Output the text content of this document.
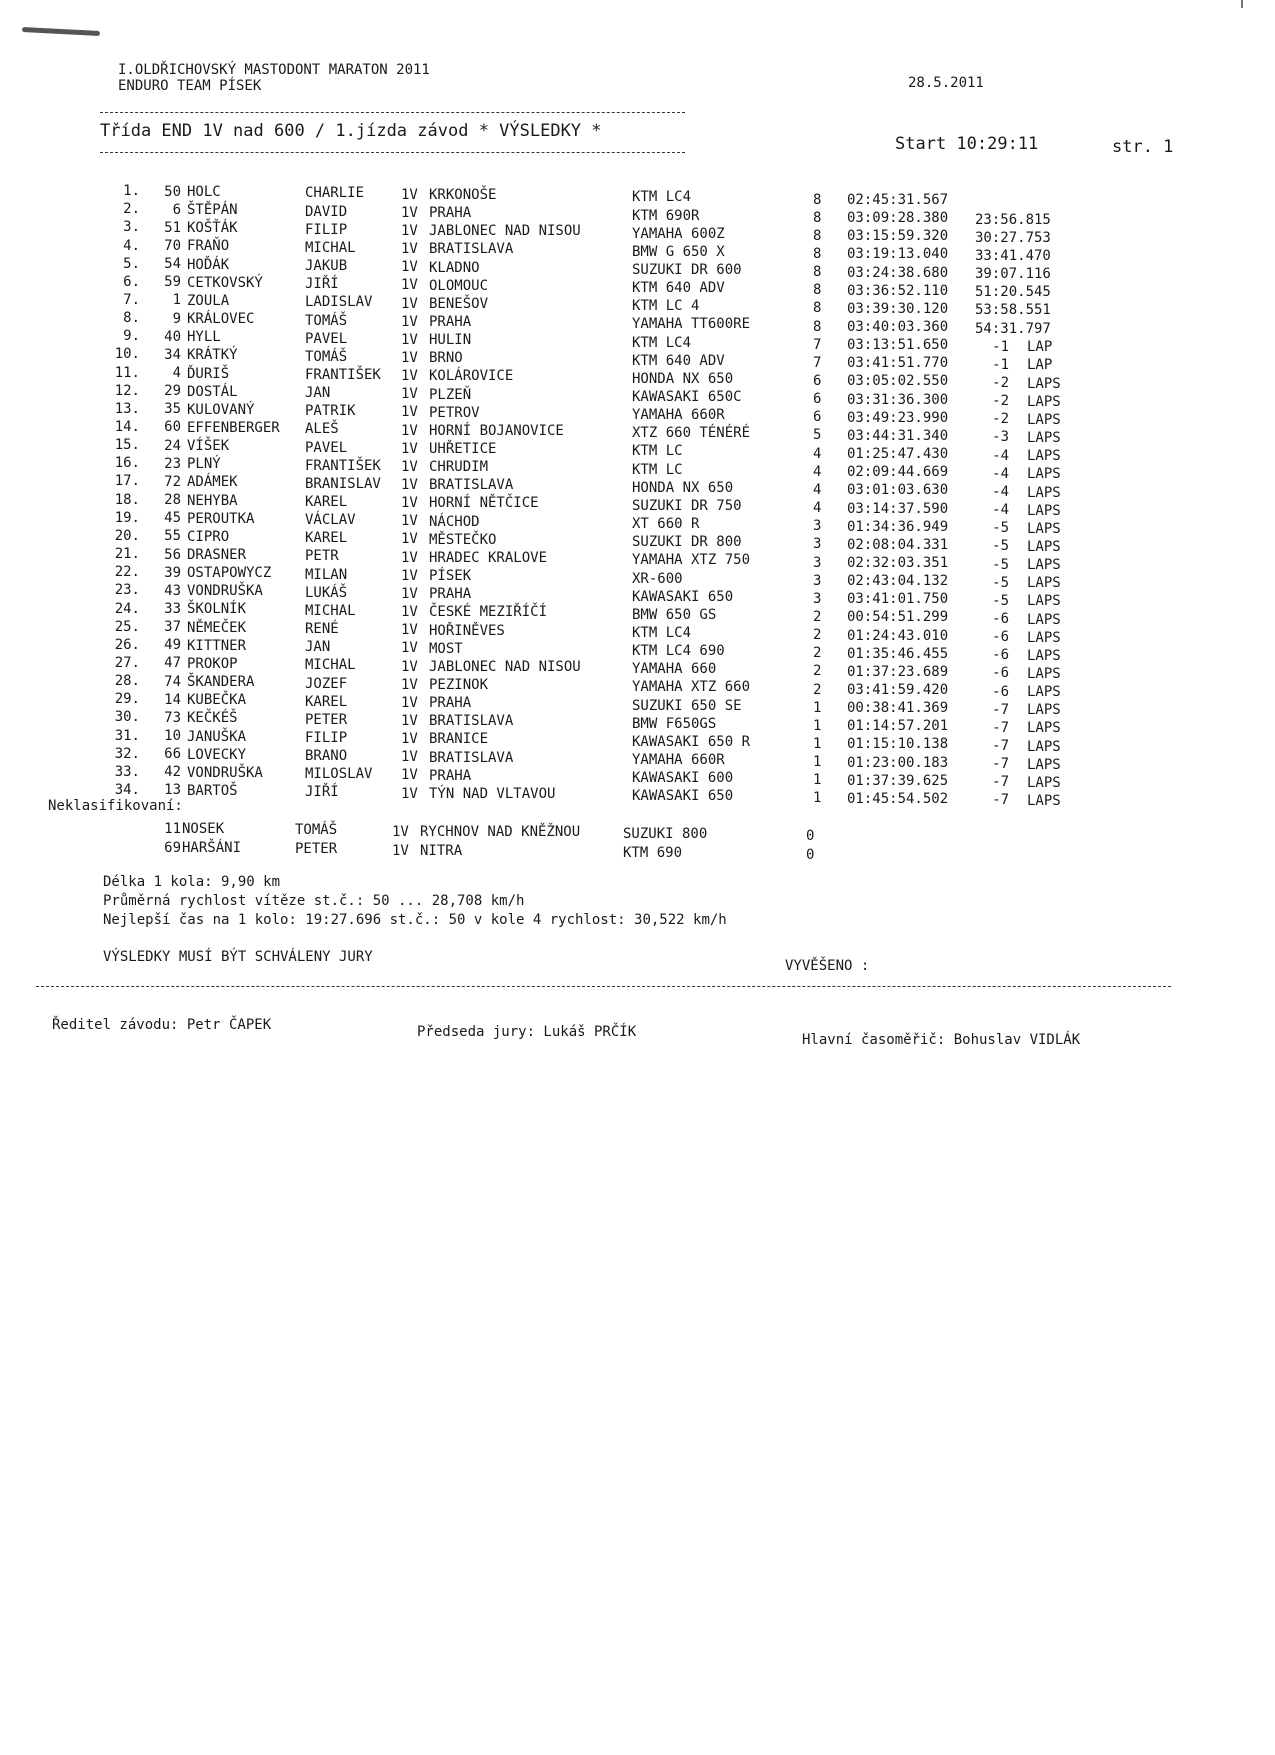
I.OLDŘICHOVSKÝ MASTODONT MARATON 2011
ENDURO TEAM PÍSEK	28.5.2011
Třída END 1V nad 600 / 1.jízda závod * VÝSLEDKY *
Start 10:29:11	str. 1
1.	50 HOLC	CHARLIE	1V KRKONOŠE	KTM LC4	8 02:45:31.567
2.	6 ŠTĚPÁN	DAVID	1V PRAHA	KTM 690R	8 03:09:28.380 23:56.815
3.	51 KOŠŤÁK	FILIP	1V JABLONEC NAD NISOU	YAMAHA 600Z	8 03:15:59.320 30:27.753
4.	70 FRAŇO	MICHAL	1V BRATISLAVA	BMW G 650 X	8 03:19:13.040 33:41.470
5.	54 HOĎÁK	JAKUB	1V KLADNO	SUZUKI DR 600	8 03:24:38.680 39:07.116
6.	59 CETKOVSKÝ	JIŘÍ	1V OLOMOUC	KTM 640 ADV	8 03:36:52.110 51:20.545
7.	1 ZOULA	LADISLAV 1V BENEŠOV	KTM LC 4	8 03:39:30.120 53:58.551
8.	9 KRÁLOVEC	TOMÁŠ	1V PRAHA	YAMAHA TT600RE	8 03:40:03.360 54:31.797
9.	40 HYLL	PAVEL	1V HULIN	KTM LC4	7 03:13:51.650	-1 LAP
10.	34 KRÁTKÝ	TOMÁŠ	1V BRNO	KTM 640 ADV	7 03:41:51.770	-1 LAP
11.	4 ĎURIŠ	FRANTIŠEK 1V KOLÁROVICE	HONDA NX 650	6 03:05:02.550	-2 LAPS
12.	29 DOSTÁL	JAN	1V PLZEŇ	KAWASAKI 650C	6 03:31:36.300	-2 LAPS
13.	35 KULOVANÝ	PATRIK	1V PETROV	YAMAHA 660R	6 03:49:23.990	-2 LAPS
14.	60 EFFENBERGER ALEŠ	1V HORNÍ BOJANOVICE	XTZ 660 TÉNÉRÉ	5 03:44:31.340	-3 LAPS
15.	24 VÍŠEK	PAVEL	1V UHŘETICE	KTM LC	4 01:25:47.430	-4 LAPS
16.	23 PLNÝ	FRANTIŠEK 1V CHRUDIM	KTM LC	4 02:09:44.669	-4 LAPS
17.	72 ADÁMEK	BRANISLAV 1V BRATISLAVA	HONDA NX 650	4 03:01:03.630	-4 LAPS
18.	28 NEHYBA	KAREL	1V HORNÍ NĚTČICE	SUZUKI DR 750	4 03:14:37.590	-4 LAPS
19.	45 PEROUTKA	VÁCLAV	1V NÁCHOD	XT 660 R	3 01:34:36.949	-5 LAPS
20.	55 CIPRO	KAREL	1V MĚSTEČKO	SUZUKI DR 800	3 02:08:04.331	-5 LAPS
21.	56 DRASNER	PETR	1V HRADEC KRALOVE	YAMAHA XTZ 750	3 02:32:03.351	-5 LAPS
22.	39 OSTAPOWYCZ MILAN	1V PÍSEK	XR-600	3 02:43:04.132	-5 LAPS
23.	43 VONDRUŠKA	LUKÁŠ	1V PRAHA	KAWASAKI 650	3 03:41:01.750	-5 LAPS
24.	33 ŠKOLNÍK	MICHAL	1V ČESKÉ MEZIŘÍČÍ	BMW 650 GS	2 00:54:51.299	-6 LAPS
25.	37 NĚMEČEK	RENÉ	1V HOŘINĚVES	KTM LC4	2 01:24:43.010	-6 LAPS
26.	49 KITTNER	JAN	1V MOST	KTM LC4 690	2 01:35:46.455	-6 LAPS
27.	47 PROKOP	MICHAL	1V JABLONEC NAD NISOU	YAMAHA 660	2 01:37:23.689	-6 LAPS
28.	74 ŠKANDERA	JOZEF	1V PEZINOK	YAMAHA XTZ 660	2 03:41:59.420	-6 LAPS
29.	14 KUBEČKA	KAREL	1V PRAHA	SUZUKI 650 SE	1 00:38:41.369	-7 LAPS
30.	73 KEČKÉŠ	PETER	1V BRATISLAVA	BMW F650GS	1 01:14:57.201	-7 LAPS
31.	10 JANUŠKA	FILIP	1V BRANICE	KAWASAKI 650 R	1 01:15:10.138	-7 LAPS
32.	66 LOVECKY	BRANO	1V BRATISLAVA	YAMAHA 660R	1 01:23:00.183	-7 LAPS
33.	42 VONDRUŠKA	MILOSLAV 1V PRAHA	KAWASAKI 600	1 01:37:39.625	-7 LAPS
34.	13 BARTOŠ	JIŘÍ	1V TÝN NAD VLTAVOU	KAWASAKI 650	1 01:45:54.502	-7 LAPS
Neklasifikovaní:
11 NOSEK	TOMÁŠ	1V RYCHNOV NAD KNĚŽNOU	SUZUKI 800	0
69 HARŠÁNI	PETER	1V NITRA	KTM 690	0
Délka 1 kola: 9,90 km
Průměrná rychlost vítěze st.č.: 50 ... 28,708 km/h
Nejlepší čas na 1 kolo: 19:27.696 st.č.: 50 v kole 4 rychlost: 30,522 km/h
VÝSLEDKY MUSÍ BÝT SCHVÁLENY JURY
VYVĚŠENO :
Ředitel závodu: Petr ČAPEK	Předseda jury: Lukáš PRČÍK	Hlavní časoměřič: Bohuslav VIDLÁK
